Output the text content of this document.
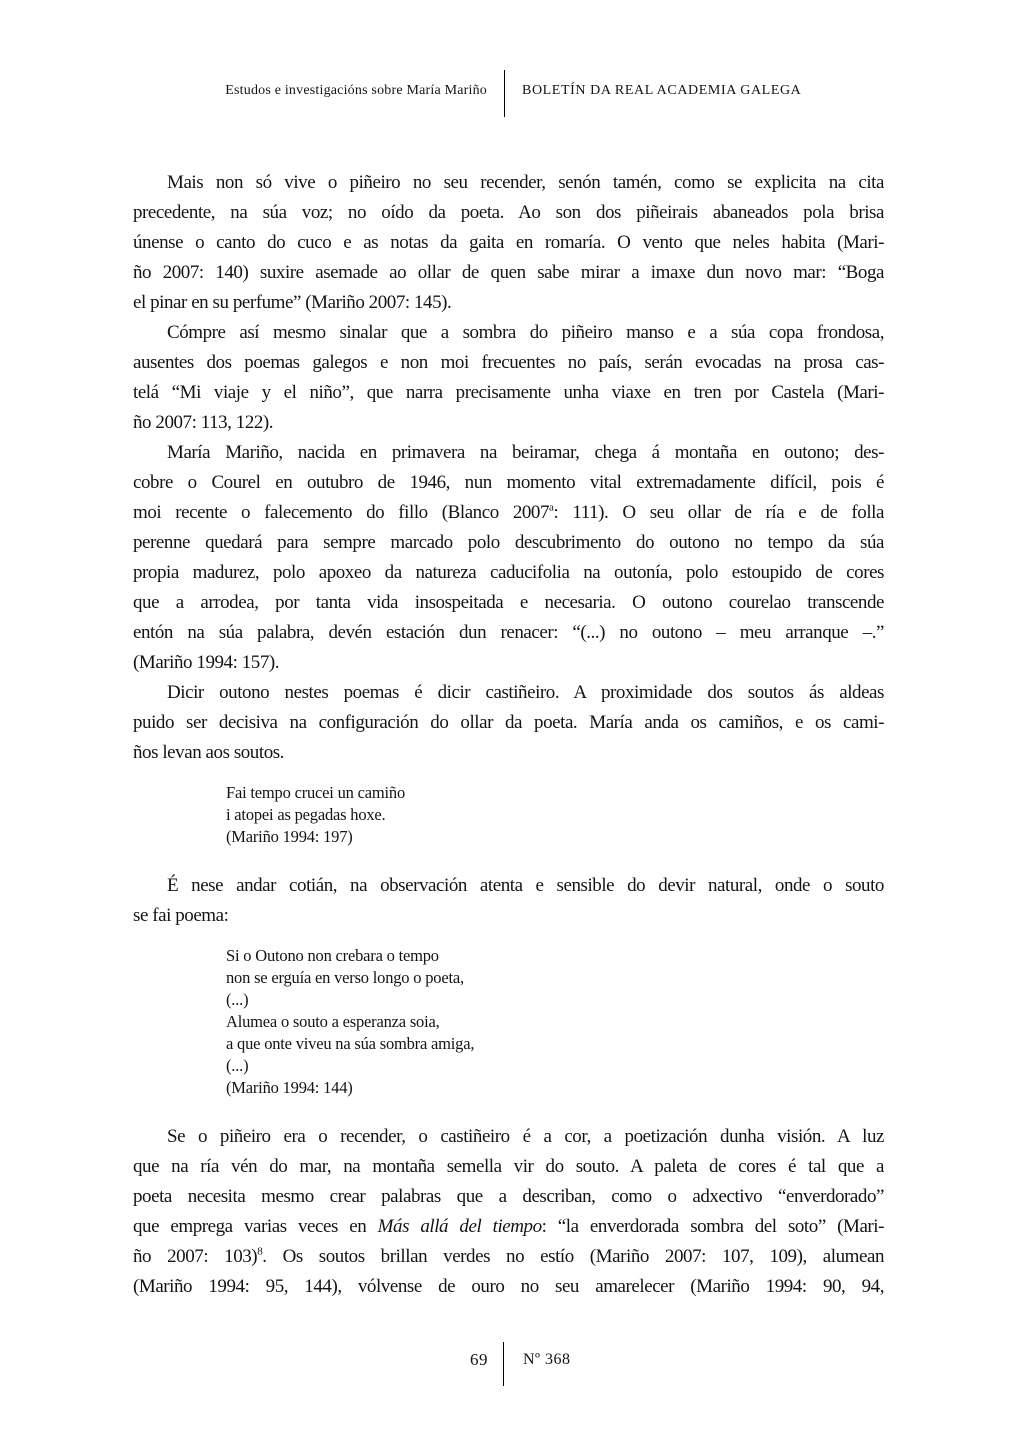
Estudos e investigacións sobre María Mariño	BOLETÍN DA REAL ACADEMIA GALEGA
Mais non só vive o piñeiro no seu recender, senón tamén, como se explicita na cita
precedente, na súa voz; no oído da poeta. Ao son dos piñeirais abaneados pola brisa
únense o canto do cuco e as notas da gaita en romaría. O vento que neles habita (Mari-
ño 2007: 140) suxire asemade ao ollar de quen sabe mirar a imaxe dun novo mar: “Boga
el pinar en su perfume” (Mariño 2007: 145).
Cómpre así mesmo sinalar que a sombra do piñeiro manso e a súa copa frondosa,
ausentes dos poemas galegos e non moi frecuentes no país, serán evocadas na prosa cas-
telá “Mi viaje y el niño”, que narra precisamente unha viaxe en tren por Castela (Mari-
ño 2007: 113, 122).
María Mariño, nacida en primavera na beiramar, chega á montaña en outono; des-
cobre o Courel en outubro de 1946, nun momento vital extremadamente difícil, pois é
moi recente o falecemento do fillo (Blanco 2007$^a$: 111). O seu ollar de ría e de folla
perenne quedará para sempre marcado polo descubrimento do outono no tempo da súa
propia madurez, polo apoxeo da natureza caducifolia na outonía, polo estoupido de cores
que a arrodea, por tanta vida insospeitada e necesaria. O outono courelao transcende
entón na súa palabra, devén estación dun renacer: “(...) no outono – meu arranque –.”
(Mariño 1994: 157).
Dicir outono nestes poemas é dicir castiñeiro. A proximidade dos soutos ás aldeas
puido ser decisiva na configuración do ollar da poeta. María anda os camiños, e os cami-
ños levan aos soutos.
Fai tempo crucei un camiño
i atopei as pegadas hoxe.
(Mariño 1994: 197)
É nese andar cotián, na observación atenta e sensible do devir natural, onde o souto
se fai poema:
Si o Outono non crebara o tempo
non se erguía en verso longo o poeta,
(...)
Alumea o souto a esperanza soia,
a que onte viveu na súa sombra amiga,
(...)
(Mariño 1994: 144)
Se o piñeiro era o recender, o castiñeiro é a cor, a poetización dunha visión. A luz
que na ría vén do mar, na montaña semella vir do souto. A paleta de cores é tal que a
poeta necesita mesmo crear palabras que a describan, como o adxectivo “enverdorado”
que emprega varias veces en Más allá del tiempo: “la enverdorada sombra del soto” (Mari-
ño 2007: 103)$^8$. Os soutos brillan verdes no estío (Mariño 2007: 107, 109), alumean
(Mariño 1994: 95, 144), vólvense de ouro no seu amarelecer (Mariño 1994: 90, 94,
69 Nº 368
